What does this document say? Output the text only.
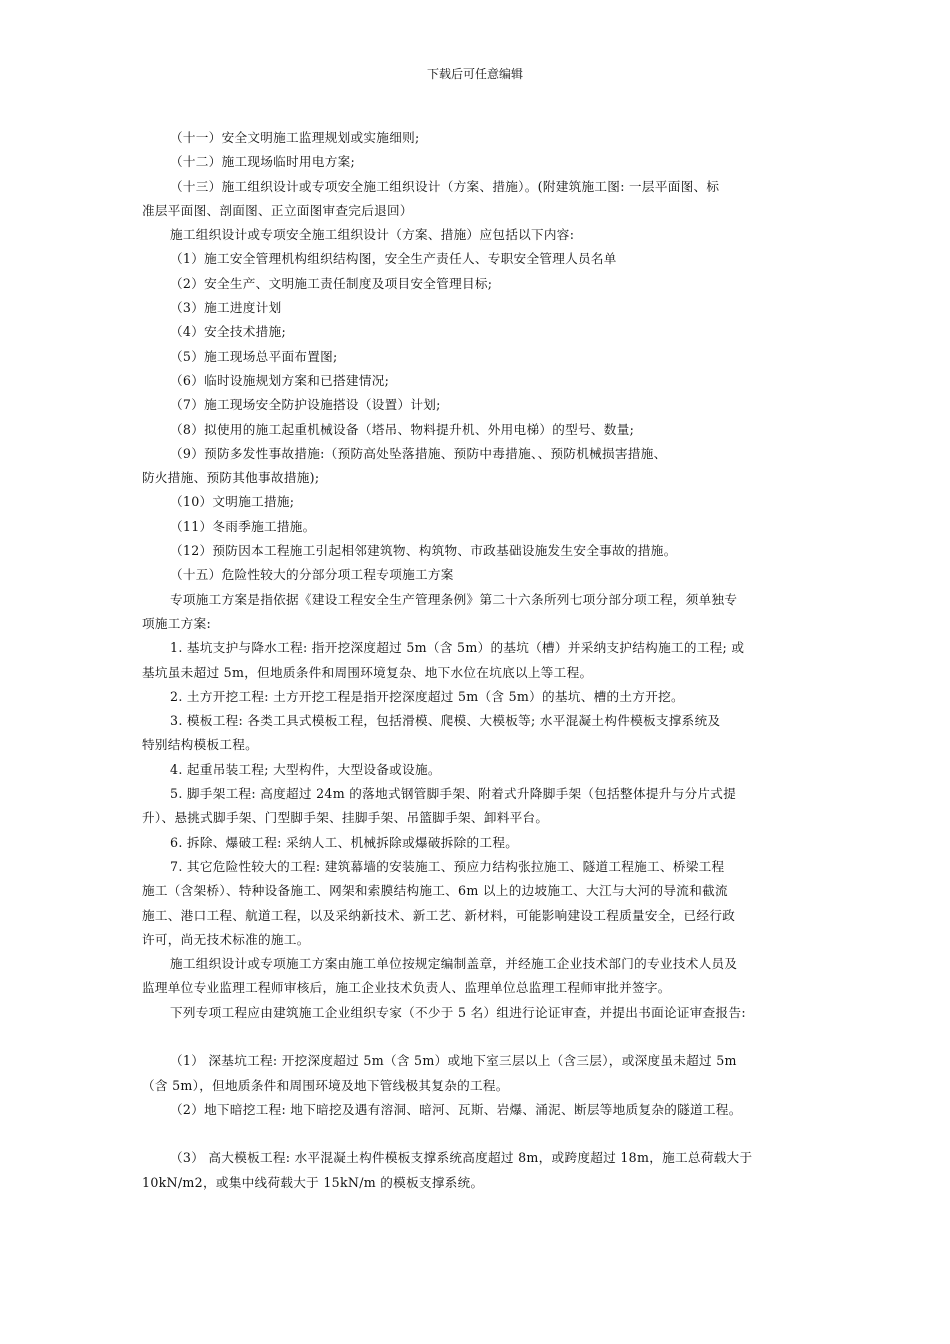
下载后可任意编辑
（十一）安全文明施工监理规划或实施细则;
（十二）施工现场临时用电方案;
（十三）施工组织设计或专项安全施工组织设计（方案、措施）。(附建筑施工图: 一层平面图、标
准层平面图、剖面图、正立面图审查完后退回）
施工组织设计或专项安全施工组织设计（方案、措施）应包括以下内容:
（1）施工安全管理机构组织结构图，安全生产责任人、专职安全管理人员名单
（2）安全生产、文明施工责任制度及项目安全管理目标;
（3）施工进度计划
（4）安全技术措施;
（5）施工现场总平面布置图;
（6）临时设施规划方案和已搭建情况;
（7）施工现场安全防护设施搭设（设置）计划;
（8）拟使用的施工起重机械设备（塔吊、物料提升机、外用电梯）的型号、数量;
（9）预防多发性事故措施:（预防高处坠落措施、预防中毒措施、、预防机械损害措施、
防火措施、预防其他事故措施);
（10）文明施工措施;
（11）冬雨季施工措施。
（12）预防因本工程施工引起相邻建筑物、构筑物、市政基础设施发生安全事故的措施。
（十五）危险性较大的分部分项工程专项施工方案
专项施工方案是指依据《建设工程安全生产管理条例》第二十六条所列七项分部分项工程，须单独专
项施工方案:
1. 基坑支护与降水工程: 指开挖深度超过 5m（含 5m）的基坑（槽）并采纳支护结构施工的工程; 或
基坑虽未超过 5m，但地质条件和周围环境复杂、地下水位在坑底以上等工程。
2. 土方开挖工程: 土方开挖工程是指开挖深度超过 5m（含 5m）的基坑、槽的土方开挖。
3. 模板工程: 各类工具式模板工程，包括滑模、爬模、大模板等; 水平混凝土构件模板支撑系统及
特别结构模板工程。
4. 起重吊装工程; 大型构件，大型设备或设施。
5. 脚手架工程: 高度超过 24m 的落地式钢管脚手架、附着式升降脚手架（包括整体提升与分片式提
升）、悬挑式脚手架、门型脚手架、挂脚手架、吊篮脚手架、卸料平台。
6. 拆除、爆破工程: 采纳人工、机械拆除或爆破拆除的工程。
7. 其它危险性较大的工程: 建筑幕墙的安装施工、预应力结构张拉施工、隧道工程施工、桥梁工程
施工（含架桥）、特种设备施工、网架和索膜结构施工、6m 以上的边坡施工、大江与大河的导流和截流
施工、港口工程、航道工程，以及采纳新技术、新工艺、新材料，可能影响建设工程质量安全，已经行政
许可，尚无技术标准的施工。
施工组织设计或专项施工方案由施工单位按规定编制盖章，并经施工企业技术部门的专业技术人员及
监理单位专业监理工程师审核后，施工企业技术负责人、监理单位总监理工程师审批并签字。
下列专项工程应由建筑施工企业组织专家（不少于 5 名）组进行论证审查，并提出书面论证审查报告:
（1） 深基坑工程: 开挖深度超过 5m（含 5m）或地下室三层以上（含三层），或深度虽未超过 5m
（含 5m），但地质条件和周围环境及地下管线极其复杂的工程。
（2）地下暗挖工程: 地下暗挖及遇有溶洞、暗河、瓦斯、岩爆、涌泥、断层等地质复杂的隧道工程。
（3） 高大模板工程: 水平混凝土构件模板支撑系统高度超过 8m，或跨度超过 18m，施工总荷载大于
10kN/m2，或集中线荷载大于 15kN/m 的模板支撑系统。
